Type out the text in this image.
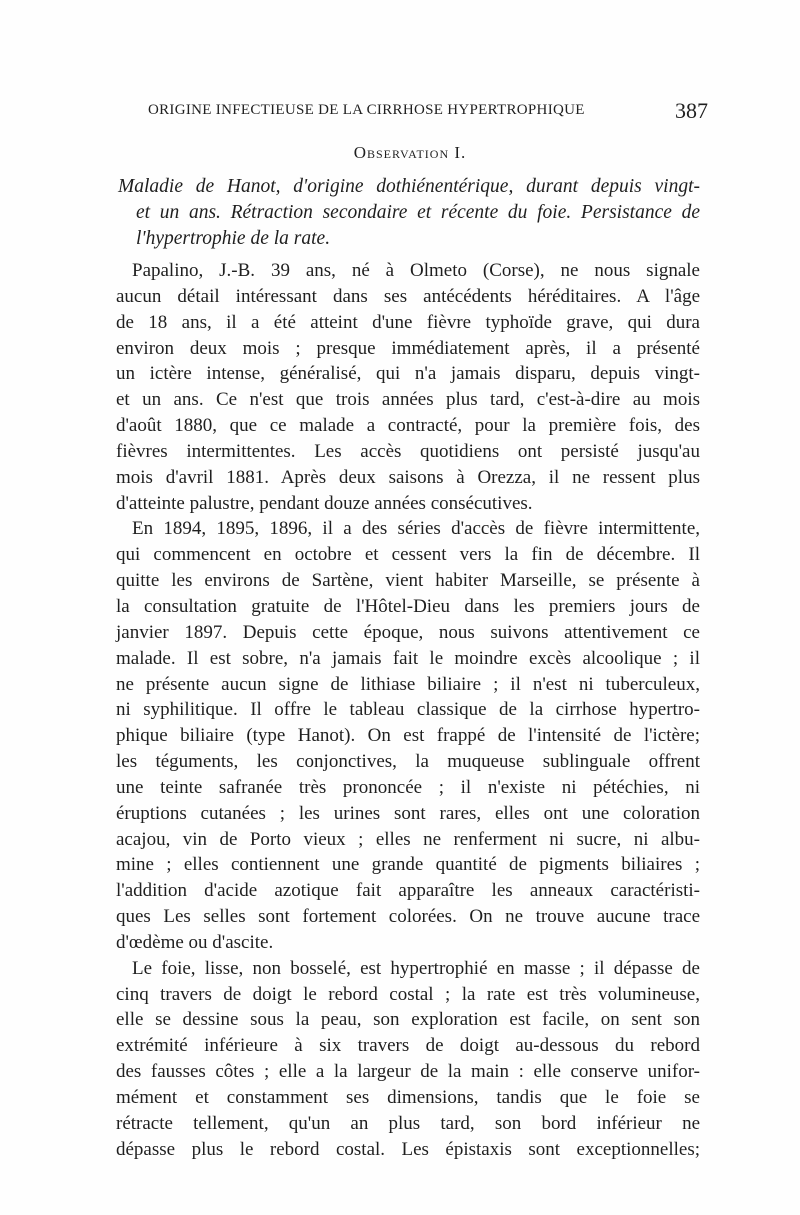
ORIGINE INFECTIEUSE DE LA CIRRHOSE HYPERTROPHIQUE	387
Observation I.
Maladie de Hanot, d'origine dothiénentérique, durant depuis vingt-
et un ans. Rétraction secondaire et récente du foie. Persistance de
l'hypertrophie de la rate.
Papalino, J.-B. 39 ans, né à Olmeto (Corse), ne nous signale
aucun détail intéressant dans ses antécédents héréditaires. A l'âge
de 18 ans, il a été atteint d'une fièvre typhoïde grave, qui dura
environ deux mois ; presque immédiatement après, il a présenté
un ictère intense, généralisé, qui n'a jamais disparu, depuis vingt-
et un ans. Ce n'est que trois années plus tard, c'est-à-dire au mois
d'août 1880, que ce malade a contracté, pour la première fois, des
fièvres intermittentes. Les accès quotidiens ont persisté jusqu'au
mois d'avril 1881. Après deux saisons à Orezza, il ne ressent plus
d'atteinte palustre, pendant douze années consécutives.
En 1894, 1895, 1896, il a des séries d'accès de fièvre intermittente,
qui commencent en octobre et cessent vers la fin de décembre. Il
quitte les environs de Sartène, vient habiter Marseille, se présente à
la consultation gratuite de l'Hôtel-Dieu dans les premiers jours de
janvier 1897. Depuis cette époque, nous suivons attentivement ce
malade. Il est sobre, n'a jamais fait le moindre excès alcoolique ; il
ne présente aucun signe de lithiase biliaire ; il n'est ni tuberculeux,
ni syphilitique. Il offre le tableau classique de la cirrhose hypertro-
phique biliaire (type Hanot). On est frappé de l'intensité de l'ictère;
les téguments, les conjonctives, la muqueuse sublinguale offrent
une teinte safranée très prononcée ; il n'existe ni pétéchies, ni
éruptions cutanées ; les urines sont rares, elles ont une coloration
acajou, vin de Porto vieux ; elles ne renferment ni sucre, ni albu-
mine ; elles contiennent une grande quantité de pigments biliaires ;
l'addition d'acide azotique fait apparaître les anneaux caractéristi-
ques Les selles sont fortement colorées. On ne trouve aucune trace
d'œdème ou d'ascite.
Le foie, lisse, non bosselé, est hypertrophié en masse ; il dépasse de
cinq travers de doigt le rebord costal ; la rate est très volumineuse,
elle se dessine sous la peau, son exploration est facile, on sent son
extrémité inférieure à six travers de doigt au-dessous du rebord
des fausses côtes ; elle a la largeur de la main : elle conserve unifor-
mément et constamment ses dimensions, tandis que le foie se
rétracte tellement, qu'un an plus tard, son bord inférieur ne
dépasse plus le rebord costal. Les épistaxis sont exceptionnelles;
